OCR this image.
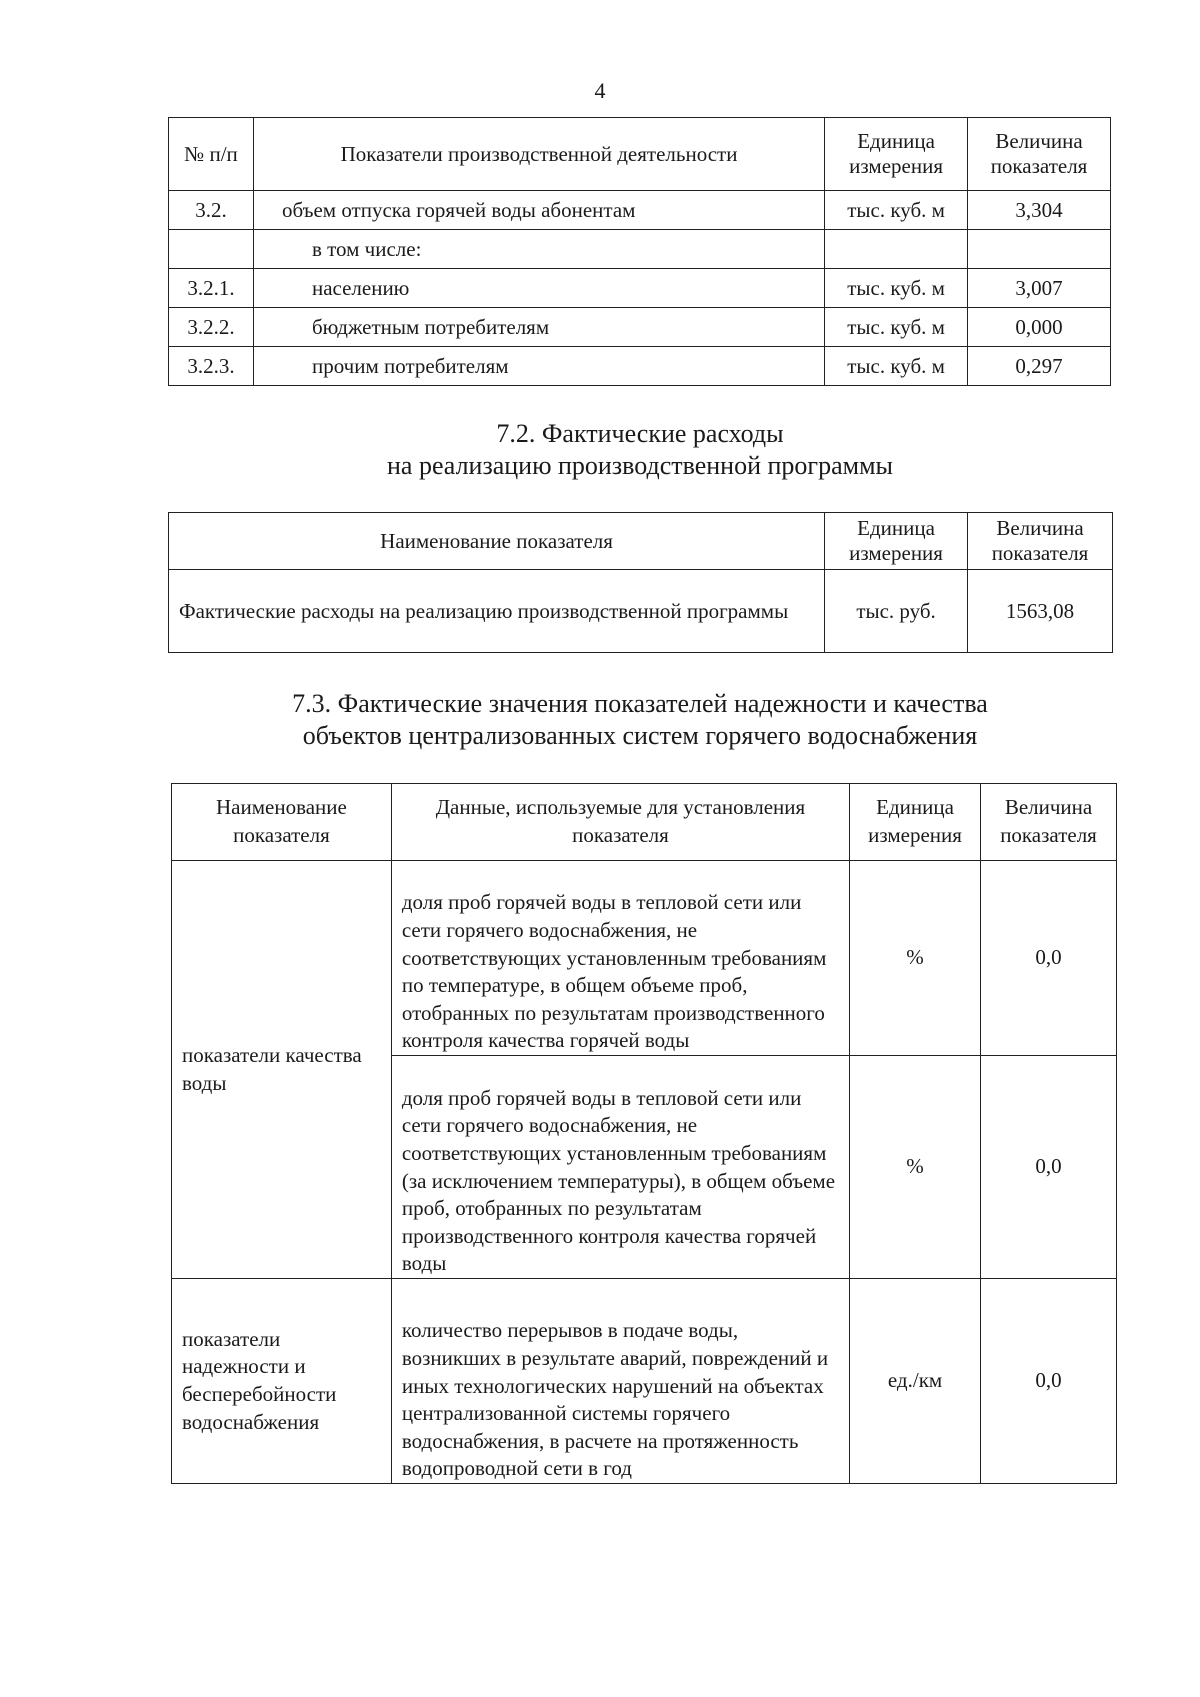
4
№ п/п	Показатели производственной деятельности	Единица измерения	Величина показателя
3.2.	объем отпуска горячей воды абонентам	тыс. куб. м	3,304
	в том числе:		
3.2.1.	населению	тыс. куб. м	3,007
3.2.2.	бюджетным потребителям	тыс. куб. м	0,000
3.2.3.	прочим потребителям	тыс. куб. м	0,297
7.2. Фактические расходы
на реализацию производственной программы
Наименование показателя	Единица измерения	Величина показателя
Фактические расходы на реализацию производственной программы	тыс. руб.	1563,08
7.3. Фактические значения показателей надежности и качества
объектов централизованных систем горячего водоснабжения
Наименование показателя	Данные, используемые для установления показателя	Единица измерения	Величина показателя
показатели качества воды	доля проб горячей воды в тепловой сети или сети горячего водоснабжения, не соответствующих установленным требованиям по температуре, в общем объеме проб, отобранных по результатам производственного контроля качества горячей воды	%	0,0
	доля проб горячей воды в тепловой сети или сети горячего водоснабжения, не соответствующих установленным требованиям (за исключением температуры), в общем объеме проб, отобранных по результатам производственного контроля качества горячей воды	%	0,0
показатели надежности и бесперебойности водоснабжения	количество перерывов в подаче воды, возникших в результате аварий, повреждений и иных технологических нарушений на объектах централизованной системы горячего водоснабжения, в расчете на протяженность водопроводной сети в год	ед./км	0,0
